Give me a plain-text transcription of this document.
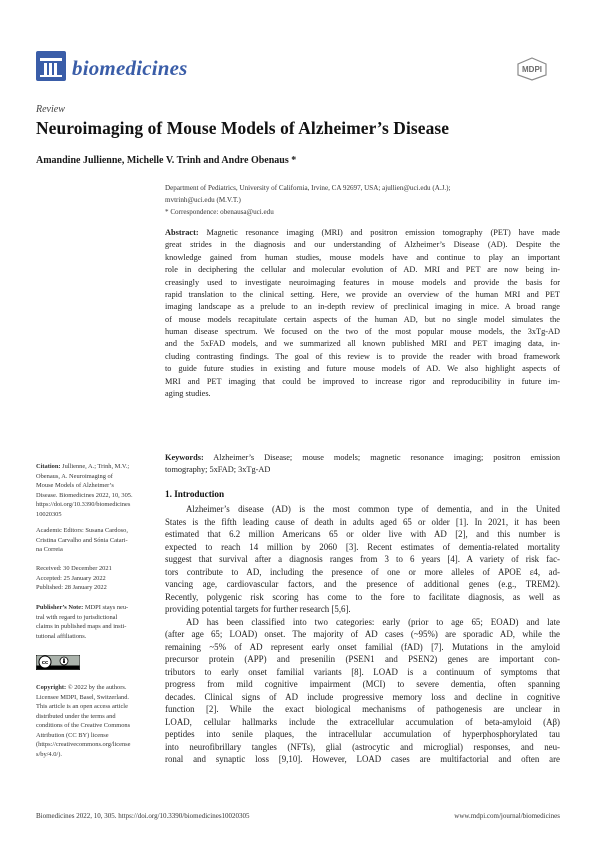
biomedicines	MDPI
Review
Neuroimaging of Mouse Models of Alzheimer’s Disease
Amandine Jullienne, Michelle V. Trinh and Andre Obenaus *
Department of Pediatrics, University of California, Irvine, CA 92697, USA; ajullien@uci.edu (A.J.);
mvtrinh@uci.edu (M.V.T.)
* Correspondence: obenausa@uci.edu
Abstract: Magnetic resonance imaging (MRI) and positron emission tomography (PET) have made
great strides in the diagnosis and our understanding of Alzheimer’s Disease (AD). Despite the
knowledge gained from human studies, mouse models have and continue to play an important
role in deciphering the cellular and molecular evolution of AD. MRI and PET are now being in-
creasingly used to investigate neuroimaging features in mouse models and provide the basis for
rapid translation to the clinical setting. Here, we provide an overview of the human MRI and PET
imaging landscape as a prelude to an in-depth review of preclinical imaging in mice. A broad range
of mouse models recapitulate certain aspects of the human AD, but no single model simulates the
human disease spectrum. We focused on the two of the most popular mouse models, the 3xTg-AD
and the 5xFAD models, and we summarized all known published MRI and PET imaging data, in-
cluding contrasting findings. The goal of this review is to provide the reader with broad framework
to guide future studies in existing and future mouse models of AD. We also highlight aspects of
MRI and PET imaging that could be improved to increase rigor and reproducibility in future im-
aging studies.
Keywords: Alzheimer’s Disease; mouse models; magnetic resonance imaging; positron emission
tomography; 5xFAD; 3xTg-AD
Citation: Jullienne, A.; Trinh, M.V.;
Obenaus, A. Neuroimaging of
Mouse Models of Alzheimer’s
Disease. Biomedicines 2022, 10, 305.
https://doi.org/10.3390/biomedicines
10020305
Academic Editors: Susana Cardoso,
Cristina Carvalho and Sónia Catari-
na Correia
Received: 30 December 2021
Accepted: 25 January 2022
Published: 28 January 2022
Publisher’s Note: MDPI stays neu-
tral with regard to jurisdictional
claims in published maps and insti-
tutional affiliations.
cc
Copyright: © 2022 by the authors.
Licensee MDPI, Basel, Switzerland.
This article is an open access article
distributed under the terms and
conditions of the Creative Commons
Attribution (CC BY) license
(https://creativecommons.org/license
s/by/4.0/).
1. Introduction
Alzheimer’s disease (AD) is the most common type of dementia, and in the United
States is the fifth leading cause of death in adults aged 65 or older [1]. In 2021, it has been
estimated that 6.2 million Americans 65 or older live with AD [2], and this number is
expected to reach 14 million by 2060 [3]. Recent estimates of dementia-related mortality
suggest that survival after a diagnosis ranges from 3 to 6 years [4]. A variety of risk fac-
tors contribute to AD, including the presence of one or more alleles of APOE ε4, ad-
vancing age, cardiovascular factors, and the presence of additional genes (e.g., TREM2).
Recently, polygenic risk scoring has come to the fore to facilitate diagnosis, as well as
providing potential targets for further research [5,6].
AD has been classified into two categories: early (prior to age 65; EOAD) and late
(after age 65; LOAD) onset. The majority of AD cases (~95%) are sporadic AD, while the
remaining ~5% of AD represent early onset familial (fAD) [7]. Mutations in the amyloid
precursor protein (APP) and presenilin (PSEN1 and PSEN2) genes are important con-
tributors to early onset familial variants [8]. LOAD is a continuum of symptoms that
progress from mild cognitive impairment (MCI) to severe dementia, often spanning
decades. Clinical signs of AD include progressive memory loss and decline in cognitive
function [2]. While the exact biological mechanisms of pathogenesis are unclear in
LOAD, cellular hallmarks include the extracellular accumulation of beta-amyloid (Aβ)
peptides into senile plaques, the intracellular accumulation of hyperphosphorylated tau
into neurofibrillary tangles (NFTs), glial (astrocytic and microglial) responses, and neu-
ronal and synaptic loss [9,10]. However, LOAD cases are multifactorial and often are
Biomedicines 2022, 10, 305. https://doi.org/10.3390/biomedicines10020305	www.mdpi.com/journal/biomedicines
